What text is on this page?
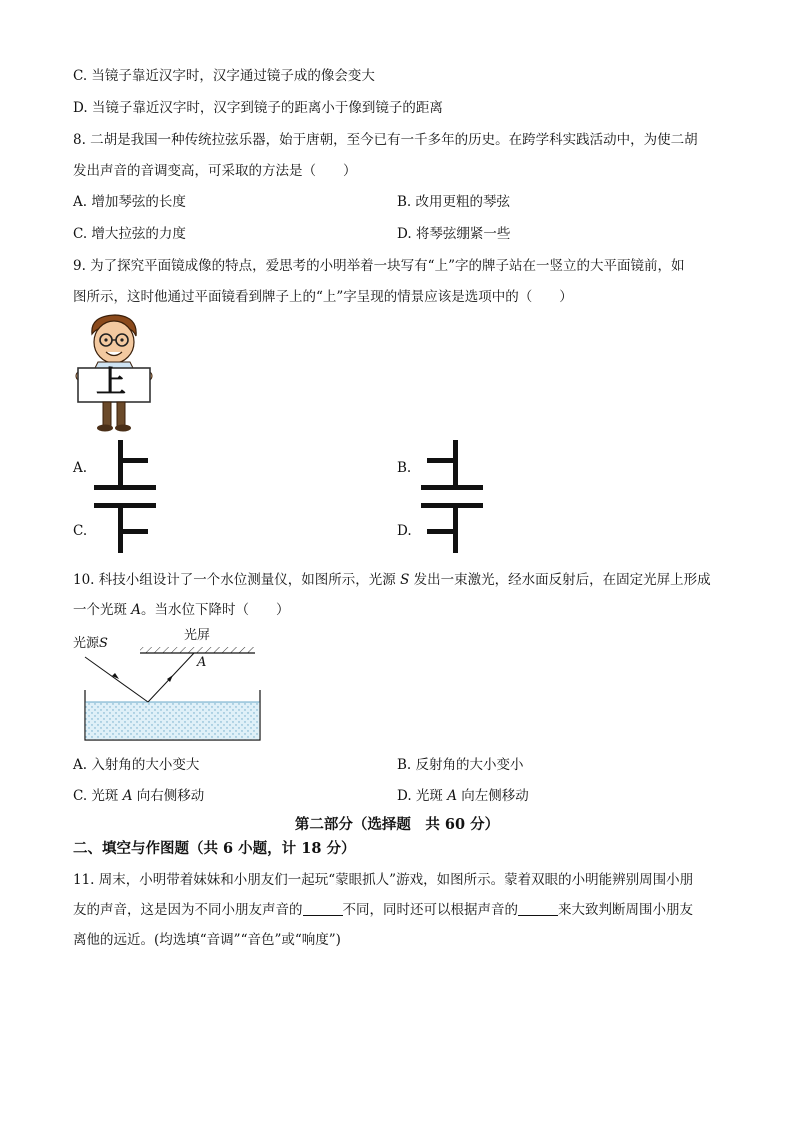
C. 当镜子靠近汉字时，汉字通过镜子成的像会变大
D. 当镜子靠近汉字时，汉字到镜子的距离小于像到镜子的距离
8. 二胡是我国一种传统拉弦乐器，始于唐朝，至今已有一千多年的历史。在跨学科实践活动中，为使二胡
发出声音的音调变高，可采取的方法是（　　）
A. 增加琴弦的长度	B. 改用更粗的琴弦
C. 增大拉弦的力度	D. 将琴弦绷紧一些
9. 为了探究平面镜成像的特点，爱思考的小明举着一块写有“上”字的牌子站在一竖立的大平面镜前，如
图所示，这时他通过平面镜看到牌子上的“上”字呈现的情景应该是选项中的（　　）
上
A.	B.
C.	D.
10. 科技小组设计了一个水位测量仪，如图所示，光源 S 发出一束激光，经水面反射后，在固定光屏上形成
一个光斑 A。当水位下降时（　　）
光源S
光屏
A
A. 入射角的大小变大	B. 反射角的大小变小
C. 光斑 A 向右侧移动	D. 光斑 A 向左侧移动
第二部分（选择题　共 60 分）
二、填空与作图题（共 6 小题，计 18 分）
11. 周末，小明带着妹妹和小朋友们一起玩“蒙眼抓人”游戏，如图所示。蒙着双眼的小明能辨别周围小朋
友的声音，这是因为不同小朋友声音的	不同，同时还可以根据声音的	来大致判断周围小朋友
离他的远近。(均选填“音调”“音色”或“响度”)
